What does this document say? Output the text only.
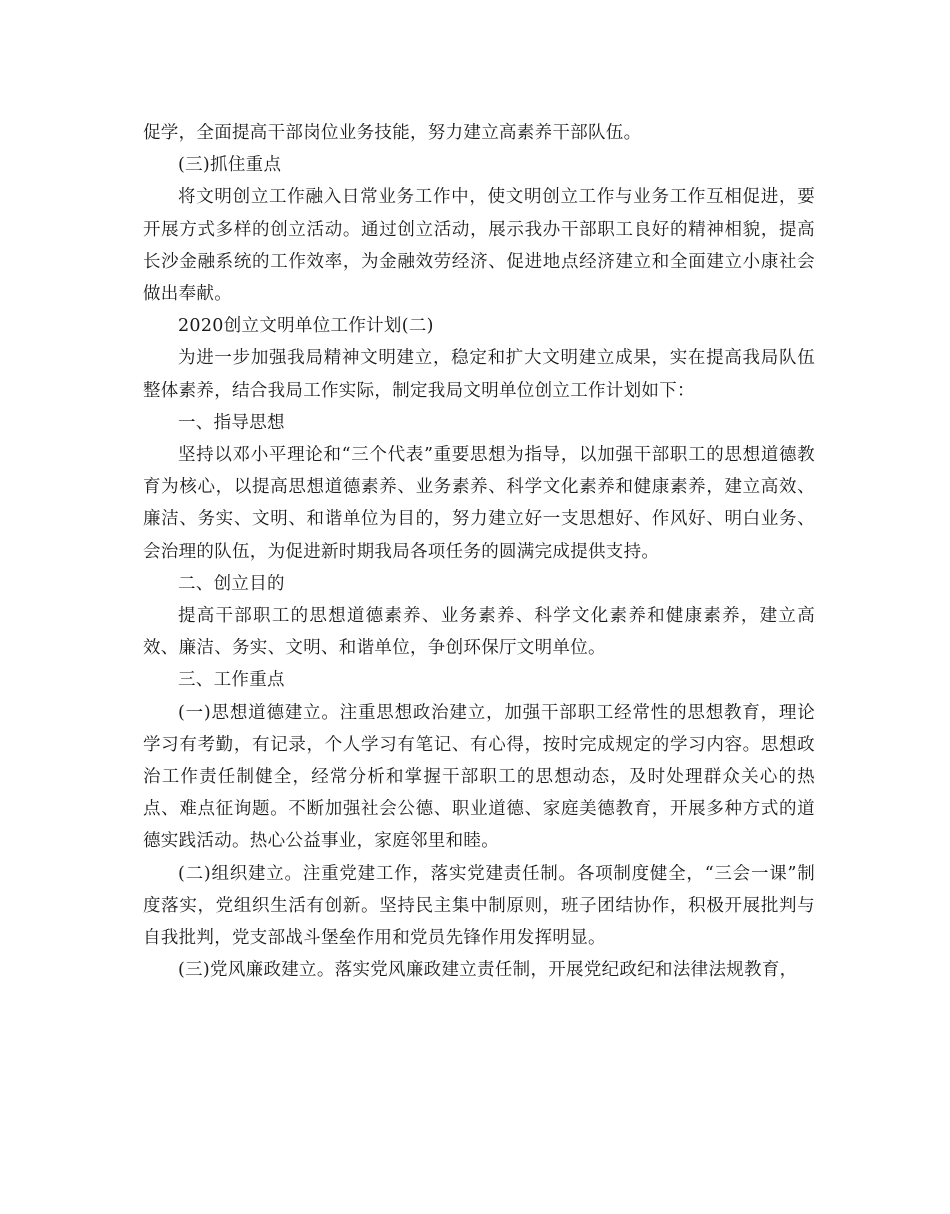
促学，全面提高干部岗位业务技能，努力建立高素养干部队伍。

(三)抓住重点

将文明创立工作融入日常业务工作中，使文明创立工作与业务工作互相促进，要开展方式多样的创立活动。通过创立活动，展示我办干部职工良好的精神相貌，提高长沙金融系统的工作效率，为金融效劳经济、促进地点经济建立和全面建立小康社会做出奉献。

2020创立文明单位工作计划(二)

为进一步加强我局精神文明建立，稳定和扩大文明建立成果，实在提高我局队伍整体素养，结合我局工作实际，制定我局文明单位创立工作计划如下：

一、指导思想

坚持以邓小平理论和“三个代表”重要思想为指导，以加强干部职工的思想道德教育为核心，以提高思想道德素养、业务素养、科学文化素养和健康素养，建立高效、廉洁、务实、文明、和谐单位为目的，努力建立好一支思想好、作风好、明白业务、会治理的队伍，为促进新时期我局各项任务的圆满完成提供支持。

二、创立目的

提高干部职工的思想道德素养、业务素养、科学文化素养和健康素养，建立高效、廉洁、务实、文明、和谐单位，争创环保厅文明单位。

三、工作重点

(一)思想道德建立。注重思想政治建立，加强干部职工经常性的思想教育，理论学习有考勤，有记录，个人学习有笔记、有心得，按时完成规定的学习内容。思想政治工作责任制健全，经常分析和掌握干部职工的思想动态，及时处理群众关心的热点、难点征询题。不断加强社会公德、职业道德、家庭美德教育，开展多种方式的道德实践活动。热心公益事业，家庭邻里和睦。

(二)组织建立。注重党建工作，落实党建责任制。各项制度健全，“三会一课”制度落实，党组织生活有创新。坚持民主集中制原则，班子团结协作，积极开展批判与自我批判，党支部战斗堡垒作用和党员先锋作用发挥明显。

(三)党风廉政建立。落实党风廉政建立责任制，开展党纪政纪和法律法规教育，
